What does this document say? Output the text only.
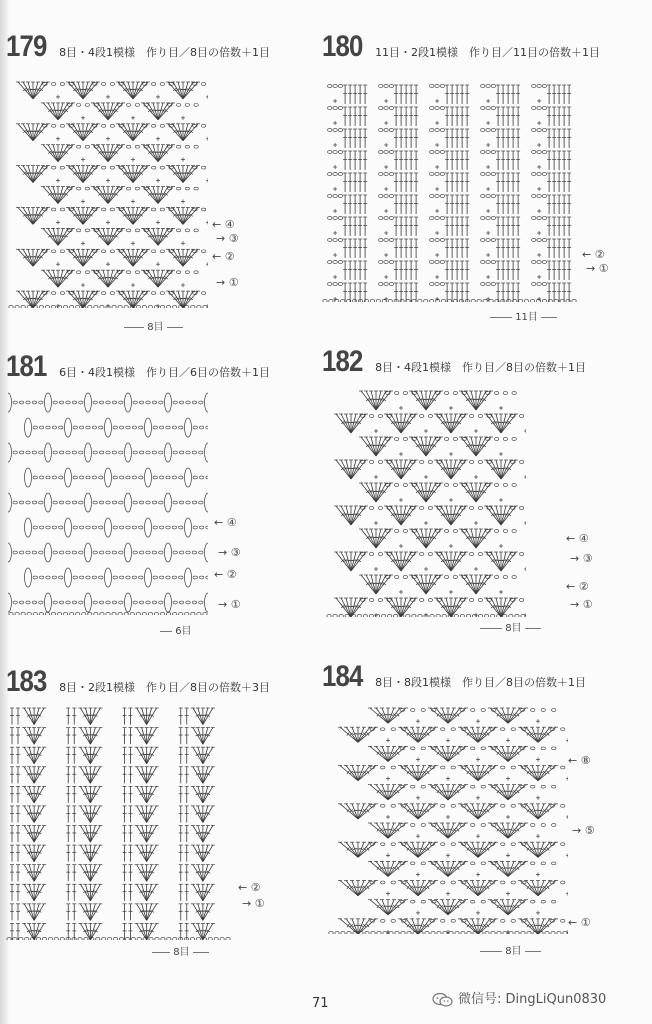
179 8目・4段1模様　作り目／8目の倍数＋1目
8目
← ④
→ ③
← ②
→ ①
180 11目・2段1模様　作り目／11目の倍数＋1目
11目
← ②
→ ①
181 6目・4段1模様　作り目／6目の倍数＋1目
6目
← ④
→ ③
← ②
→ ①
182 8目・4段1模様　作り目／8目の倍数＋1目
8目
← ④
→ ③
← ②
→ ①
183 8目・2段1模様　作り目／8目の倍数＋3目
8目
← ②
→ ①
184 8目・8段1模様　作り目／8目の倍数＋1目
8目
← ⑧
→ ⑤
← ①
71	微信号: DingLiQun0830
